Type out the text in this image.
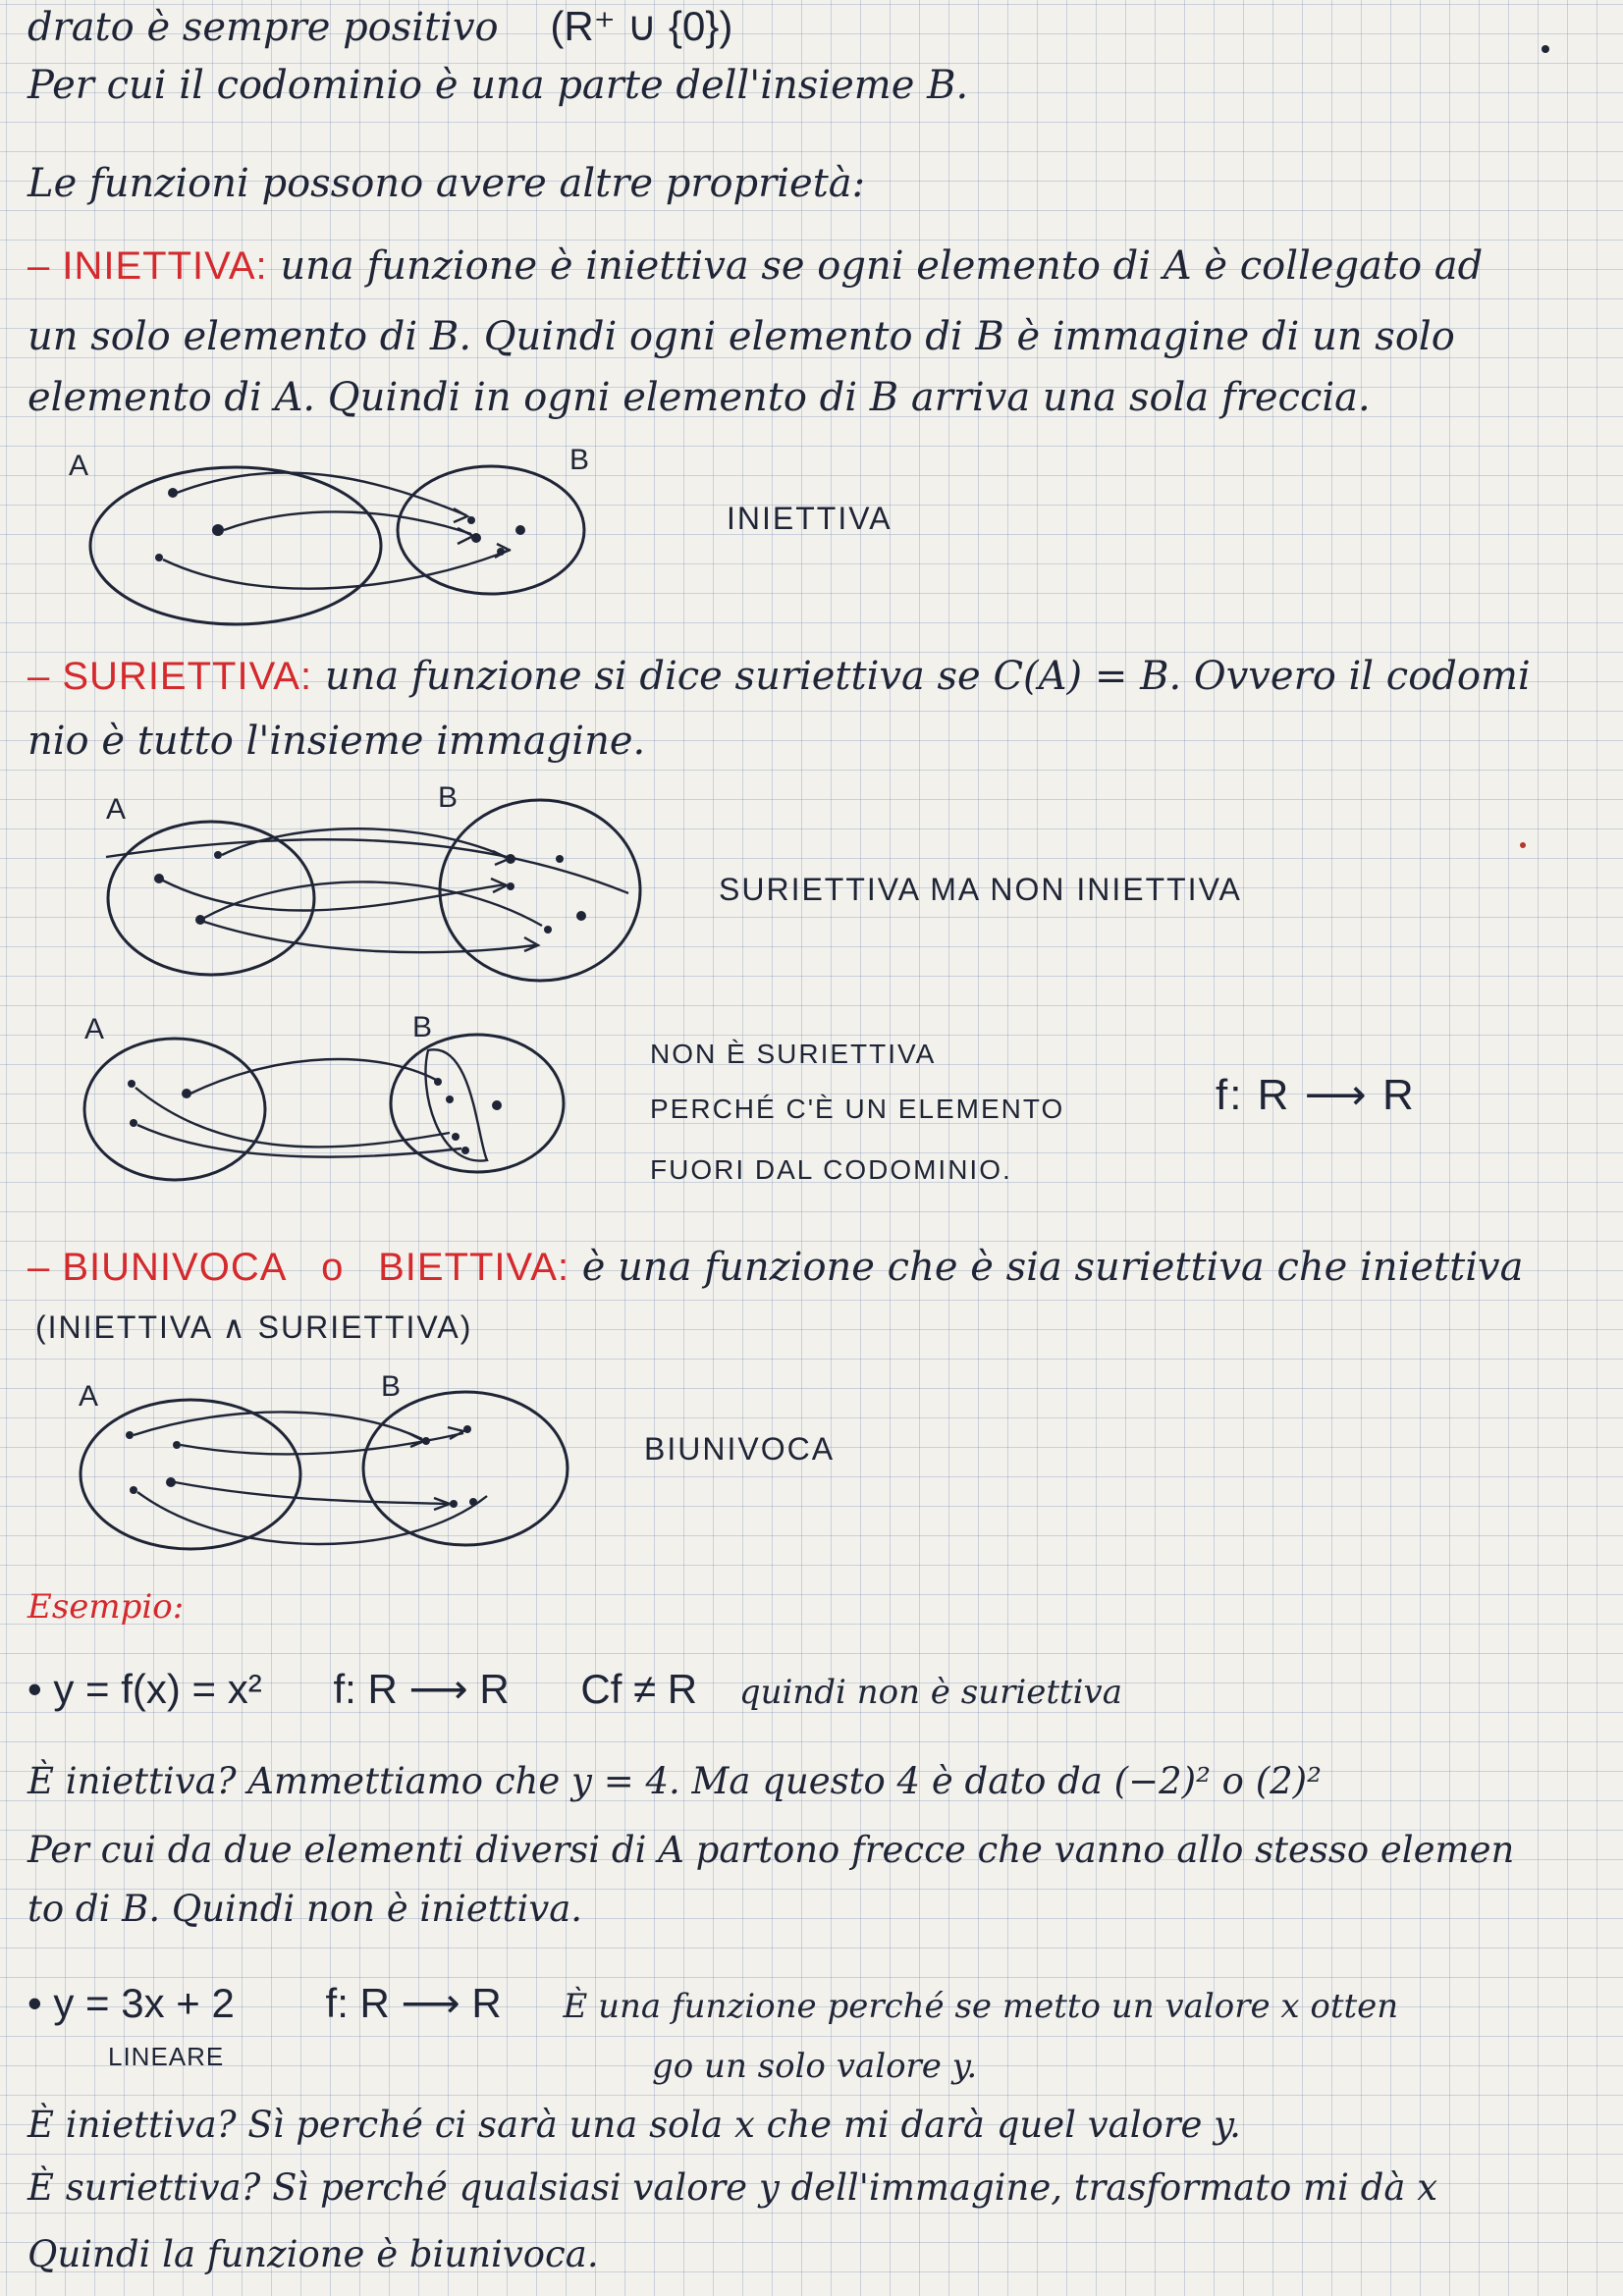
drato è sempre positivo (R⁺ ∪ {0})
Per cui il codominio è una parte dell'insieme B.
Le funzioni possono avere altre proprietà:
– INIETTIVA: una funzione è iniettiva se ogni elemento di A è collegato ad
un solo elemento di B. Quindi ogni elemento di B è immagine di un solo
elemento di A. Quindi in ogni elemento di B arriva una sola freccia.
A	B
INIETTIVA
– SURIETTIVA: una funzione si dice suriettiva se C(A) = B. Ovvero il codomi
nio è tutto l'insieme immagine.
A	B
SURIETTIVA MA NON INIETTIVA
A	B
NON È SURIETTIVA
PERCHÉ C'È UN ELEMENTO
FUORI DAL CODOMINIO.
f: R ⟶ R
– BIUNIVOCA o BIETTIVA: è una funzione che è sia suriettiva che iniettiva
(INIETTIVA ∧ SURIETTIVA)
A	B
BIUNIVOCA
Esempio:
• y = f(x) = x² f: R ⟶ R Cf ≠ R quindi non è suriettiva
È iniettiva? Ammettiamo che y = 4. Ma questo 4 è dato da (−2)² o (2)²
Per cui da due elementi diversi di A partono frecce che vanno allo stesso elemen
to di B. Quindi non è iniettiva.
• y = 3x + 2 f: R ⟶ R È una funzione perché se metto un valore x otten
LINEARE	go un solo valore y.
È iniettiva? Sì perché ci sarà una sola x che mi darà quel valore y.
È suriettiva? Sì perché qualsiasi valore y dell'immagine, trasformato mi dà x
Quindi la funzione è biunivoca.
